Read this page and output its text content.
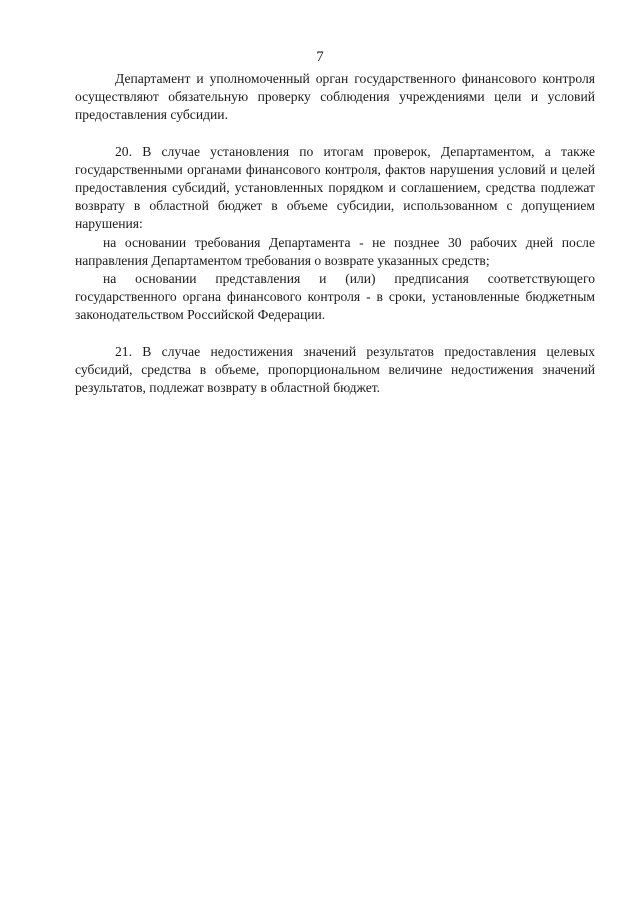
7

Департамент и уполномоченный орган государственного финансового контроля осуществляют обязательную проверку соблюдения учреждениями цели и условий предоставления субсидии.

20. В случае установления по итогам проверок, Департаментом, а также государственными органами финансового контроля, фактов нарушения условий и целей предоставления субсидий, установленных порядком и соглашением, средства подлежат возврату в областной бюджет в объеме субсидии, использованном с допущением нарушения:

на основании требования Департамента - не позднее 30 рабочих дней после направления Департаментом требования о возврате указанных средств;

на основании представления и (или) предписания соответствующего государственного органа финансового контроля - в сроки, установленные бюджетным законодательством Российской Федерации.

21. В случае недостижения значений результатов предоставления целевых субсидий, средства в объеме, пропорциональном величине недостижения значений результатов, подлежат возврату в областной бюджет.
